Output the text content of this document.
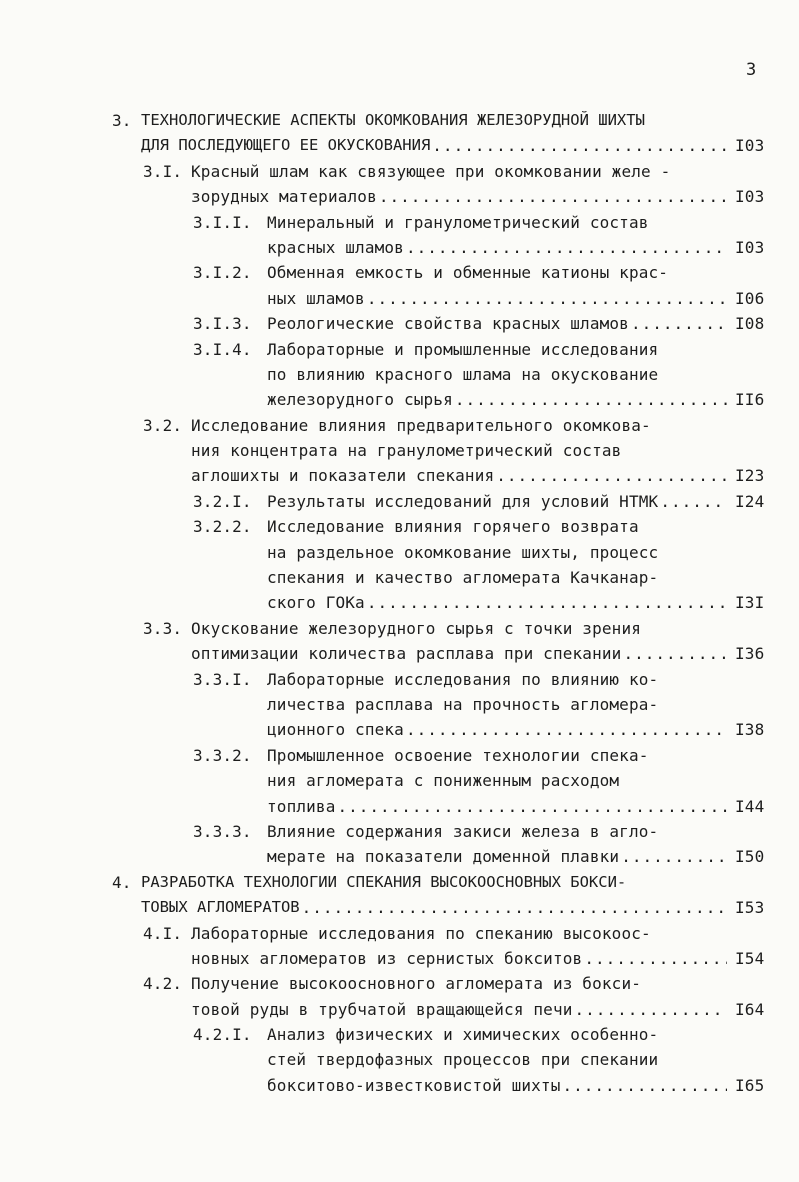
3
3. ТЕХНОЛОГИЧЕСКИЕ АСПЕКТЫ ОКОМКОВАНИЯ ЖЕЛЕЗОРУДНОЙ ШИХТЫ
ДЛЯ ПОСЛЕДУЮЩЕГО ЕЕ ОКУСКОВАНИЯ .....	I03
3.I. Красный шлам как связующее при окомковании желе -
зорудных материалов .....	I03
3.I.I. Минеральный и гранулометрический состав
красных шламов .....	I03
3.I.2. Обменная емкость и обменные катионы крас-
ных шламов .....	I06
3.I.3. Реологические свойства красных шламов .....	I08
3.I.4. Лабораторные и промышленные исследования
по влиянию красного шлама на окускование
железорудного сырья .....	II6
3.2. Исследование влияния предварительного окомкова-
ния концентрата на гранулометрический состав
аглошихты и показатели спекания .....	I23
3.2.I. Результаты исследований для условий НТМК .....	I24
3.2.2. Исследование влияния горячего возврата
на раздельное окомкование шихты, процесс
спекания и качество агломерата Качканар-
ского ГОКа .....	I3I
3.3. Окускование железорудного сырья с точки зрения
оптимизации количества расплава при спекании .....	I36
3.3.I. Лабораторные исследования по влиянию ко-
личества расплава на прочность агломера-
ционного спека .....	I38
3.3.2. Промышленное освоение технологии спека-
ния агломерата с пониженным расходом
топлива .....	I44
3.3.3. Влияние содержания закиси железа в агло-
мерате на показатели доменной плавки .....	I50
4. РАЗРАБОТКА ТЕХНОЛОГИИ СПЕКАНИЯ ВЫСОКООСНОВНЫХ БОКСИ-
ТОВЫХ АГЛОМЕРАТОВ .....	I53
4.I. Лабораторные исследования по спеканию высокоос-
новных агломератов из сернистых бокситов .....	I54
4.2. Получение высокоосновного агломерата из бокси-
товой руды в трубчатой вращающейся печи .....	I64
4.2.I. Анализ физических и химических особенно-
стей твердофазных процессов при спекании
бокситово-известковистой шихты .....	I65
